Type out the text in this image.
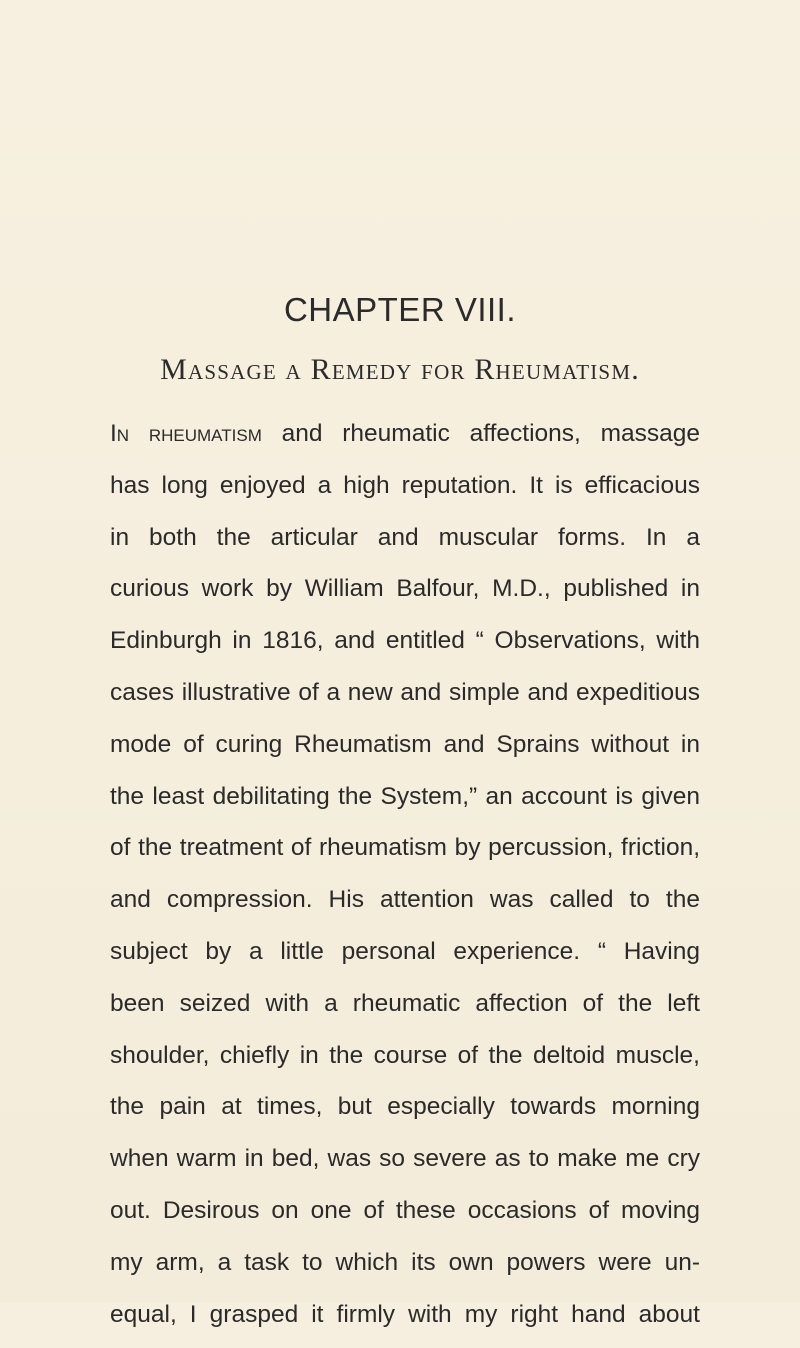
CHAPTER VIII.
Massage a Remedy for Rheumatism.
In rheumatism and rheumatic affections, massage
has long enjoyed a high reputation. It is efficacious
in both the articular and muscular forms. In a
curious work by William Balfour, M.D., published in
Edinburgh in 1816, and entitled “ Observations, with
cases illustrative of a new and simple and expeditious
mode of curing Rheumatism and Sprains without in
the least debilitating the System,” an account is given
of the treatment of rheumatism by percussion, friction,
and compression. His attention was called to the
subject by a little personal experience. “ Having
been seized with a rheumatic affection of the left
shoulder, chiefly in the course of the deltoid muscle,
the pain at times, but especially towards morning
when warm in bed, was so severe as to make me cry
out. Desirous on one of these occasions of moving
my arm, a task to which its own powers were un-
equal, I grasped it firmly with my right hand about
